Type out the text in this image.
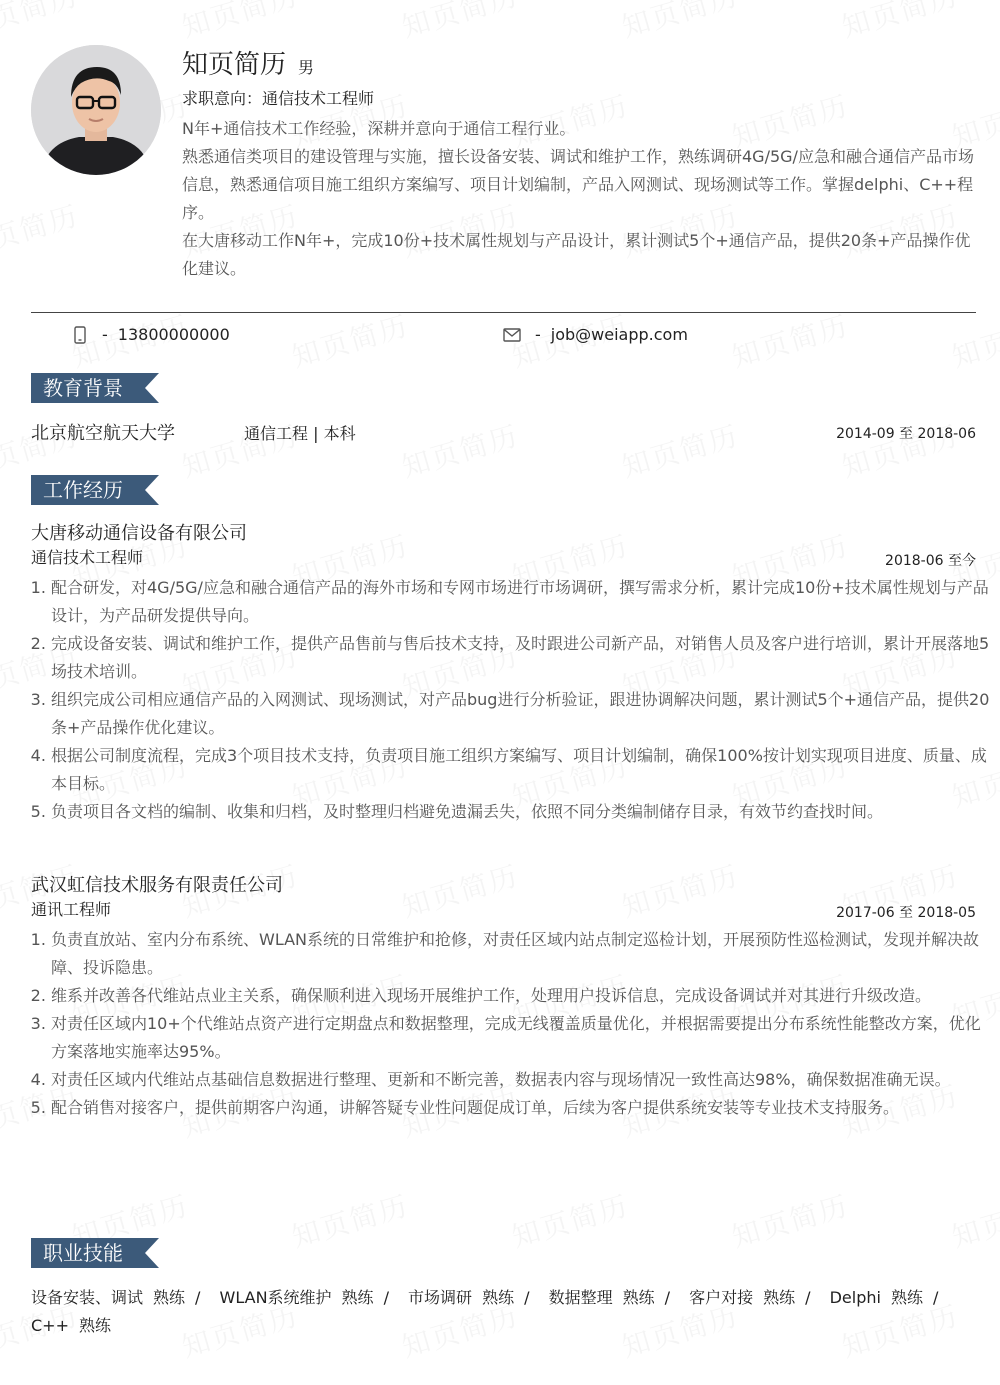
知页简历 男
求职意向：通信技术工程师

N年+通信技术工作经验，深耕并意向于通信工程行业。

熟悉通信类项目的建设管理与实施，擅长设备安装、调试和维护工作，熟练调研4G/5G/应急和融合通信产品市场信息，熟悉通信项目施工组织方案编写、项目计划编制，产品入网测试、现场测试等工作。掌握delphi、C++程序。

在大唐移动工作N年+，完成10份+技术属性规划与产品设计，累计测试5个+通信产品，提供20条+产品操作优化建议。

- 13800000000	- job@weiapp.com
教育背景
北京航空航天大学	通信工程 | 本科	2014-09 至 2018-06
工作经历
大唐移动通信设备有限公司
通信技术工程师	2018-06 至今
1. 配合研发，对4G/5G/应急和融合通信产品的海外市场和专网市场进行市场调研，撰写需求分析，累计完成10份+技术属性规划与产品设计，为产品研发提供导向。
2. 完成设备安装、调试和维护工作，提供产品售前与售后技术支持，及时跟进公司新产品，对销售人员及客户进行培训，累计开展落地5场技术培训。
3. 组织完成公司相应通信产品的入网测试、现场测试，对产品bug进行分析验证，跟进协调解决问题，累计测试5个+通信产品，提供20条+产品操作优化建议。
4. 根据公司制度流程，完成3个项目技术支持，负责项目施工组织方案编写、项目计划编制，确保100%按计划实现项目进度、质量、成本目标。
5. 负责项目各文档的编制、收集和归档，及时整理归档避免遗漏丢失，依照不同分类编制储存目录，有效节约查找时间。
武汉虹信技术服务有限责任公司
通讯工程师	2017-06 至 2018-05
1. 负责直放站、室内分布系统、WLAN系统的日常维护和抢修，对责任区域内站点制定巡检计划，开展预防性巡检测试，发现并解决故障、投诉隐患。
2. 维系并改善各代维站点业主关系，确保顺利进入现场开展维护工作，处理用户投诉信息，完成设备调试并对其进行升级改造。
3. 对责任区域内10+个代维站点资产进行定期盘点和数据整理，完成无线覆盖质量优化，并根据需要提出分布系统性能整改方案，优化方案落地实施率达95%。
4. 对责任区域内代维站点基础信息数据进行整理、更新和不断完善，数据表内容与现场情况一致性高达98%，确保数据准确无误。
5. 配合销售对接客户，提供前期客户沟通，讲解答疑专业性问题促成订单，后续为客户提供系统安装等专业技术支持服务。
职业技能
设备安装、调试 熟练 / WLAN系统维护 熟练 / 市场调研 熟练 / 数据整理 熟练 / 客户对接 熟练 / Delphi 熟练 / C++ 熟练
